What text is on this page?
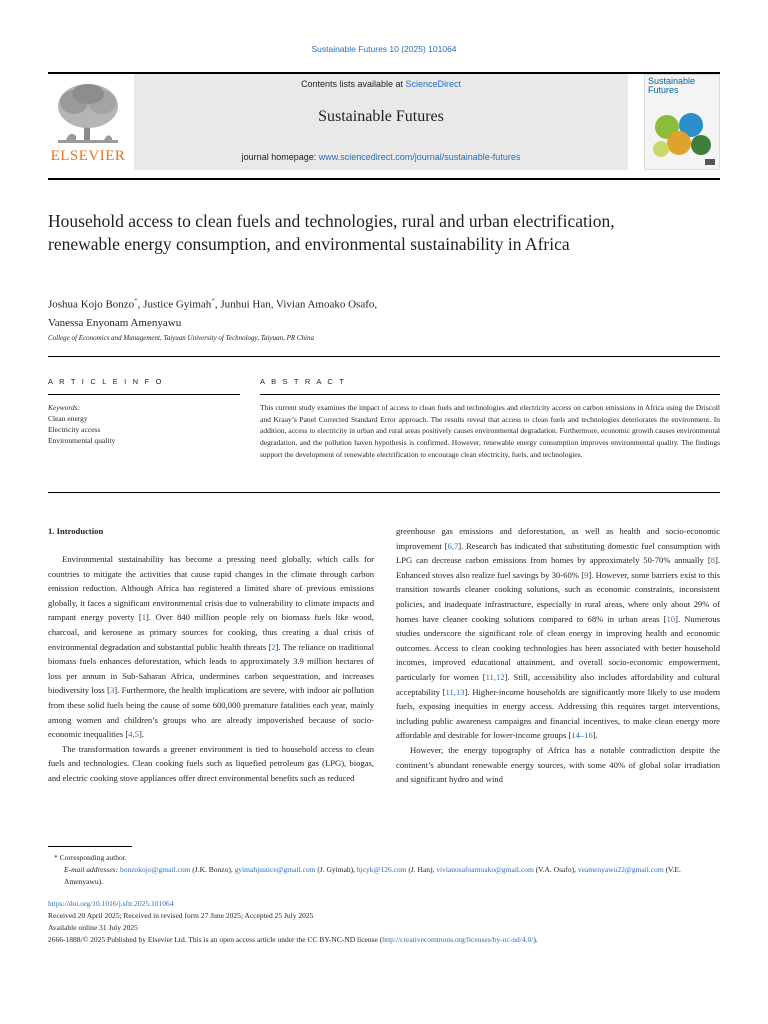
Sustainable Futures 10 (2025) 101064
ELSEVIER
Contents lists available at ScienceDirect
Sustainable Futures
journal homepage: www.sciencedirect.com/journal/sustainable-futures
Sustainable
Futures
Household access to clean fuels and technologies, rural and urban electrification, renewable energy consumption, and environmental sustainability in Africa
Joshua Kojo Bonzo*, Justice Gyimah*, Junhui Han, Vivian Amoako Osafo,
Vanessa Enyonam Amenyawu
College of Economics and Management, Taiyuan University of Technology, Taiyuan, PR China
A R T I C L E I N F O	A B S T R A C T
Keywords:
Clean energy
Electricity access
Environmental quality
This current study examines the impact of access to clean fuels and technologies and electricity access on carbon emissions in Africa using the Driscoll and Kraay’s Panel Corrected Standard Error approach. The results reveal that access to clean fuels and technologies deteriorates the environment. In addition, access to electricity in urban and rural areas positively causes environmental degradation. Furthermore, economic growth causes environmental degradation, and the pollution haven hypothesis is confirmed. However, renewable energy consumption improves environmental quality. The findings support the development of renewable electrification to encourage clean electricity, fuels, and technologies.
1. Introduction

Environmental sustainability has become a pressing need globally, which calls for countries to mitigate the activities that cause rapid changes in the climate through carbon emission reduction. Although Africa has registered a limited share of previous emissions globally, it faces a significant environmental crisis due to vulnerability to climate impacts and rampant energy poverty [1]. Over 840 million people rely on biomass fuels like wood, charcoal, and kerosene as primary sources for cooking, thus creating a dual crisis of environmental degradation and substantial public health threats [2]. The reliance on traditional biomass fuels enhances deforestation, which leads to approximately 3.9 million hectares of loss per annum in Sub-Saharan Africa, undermines carbon sequestration, and increases biodiversity loss [3]. Furthermore, the health implications are severe, with indoor air pollution from these solid fuels being the cause of some 600,000 premature fatalities each year, mainly among women and children’s groups who are already impoverished because of socio-economic inequalities [4,5].

The transformation towards a greener environment is tied to household access to clean fuels and technologies. Clean cooking fuels such as liquefied petroleum gas (LPG), biogas, and electric cooking stove appliances offer direct environmental benefits such as reduced

greenhouse gas emissions and deforestation, as well as health and socio-economic improvement [6,7]. Research has indicated that substituting domestic fuel consumption with LPG can decrease carbon emissions from homes by approximately 50-70% annually [8]. Enhanced stoves also realize fuel savings by 30-60% [9]. However, some barriers exist to this transition towards cleaner cooking solutions, such as economic constraints, inconsistent policies, and inadequate infrastructure, especially in rural areas, where only about 29% of homes have cleaner cooking solutions compared to 68% in urban areas [10]. Numerous studies underscore the significant role of clean energy in improving health and economic outcomes. Access to clean cooking technologies has been associated with better household incomes, improved educational attainment, and overall socio-economic empowerment, particularly for women [11,12]. Still, accessibility also includes affordability and cultural acceptability [11,13]. Higher-income households are significantly more likely to use modern fuels, exposing inequities in energy access. Addressing this requires target interventions, including public awareness campaigns and financial incentives, to make clean energy more affordable and desirable for lower-income groups [14–16].

However, the energy topography of Africa has a notable contradiction despite the continent’s abundant renewable energy sources, with some 40% of global solar irradiation and significant hydro and wind

* Corresponding author.

E-mail addresses: bonzokojo@gmail.com (J.K. Bonzo), gyimahjustice@gmail.com (J. Gyimah), hjcyk@126.com (J. Han), vivianosafoamoako@gmail.com (V.A. Osafo), veamenyawu22@gmail.com (V.E. Amenyawu).

https://doi.org/10.1016/j.sftr.2025.101064

Received 20 April 2025; Received in revised form 27 June 2025; Accepted 25 July 2025

Available online 31 July 2025

2666-1888/© 2025 Published by Elsevier Ltd. This is an open access article under the CC BY-NC-ND license (http://creativecommons.org/licenses/by-nc-nd/4.0/).
